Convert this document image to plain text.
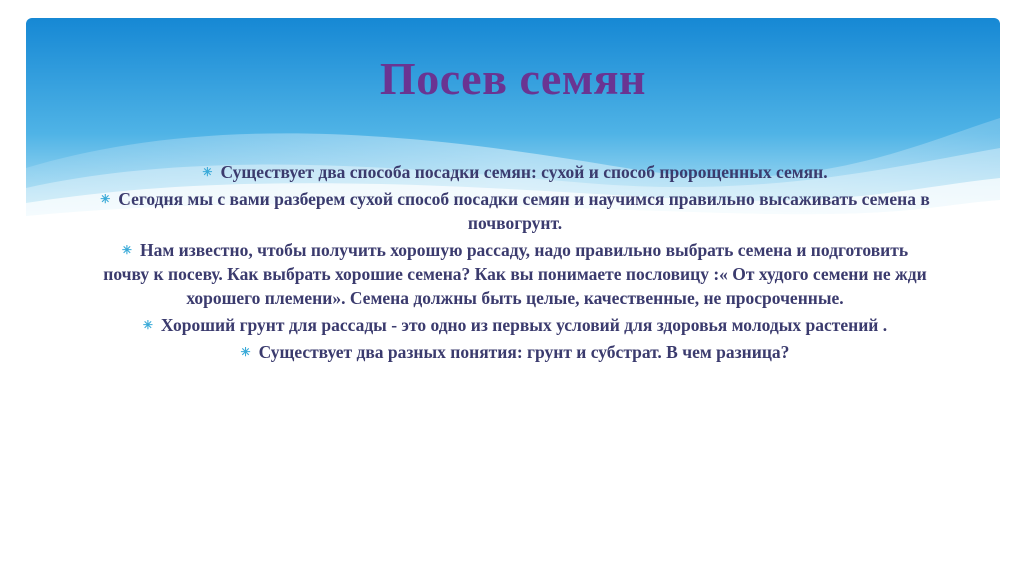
Посев семян
✳ Существует два способа посадки семян: сухой и способ пророщенных семян.
✳ Сегодня мы с вами разберем сухой способ посадки семян и научимся правильно высаживать семена в почвогрунт.
✳ Нам известно, чтобы получить хорошую рассаду, надо правильно выбрать семена и подготовить почву к посеву. Как выбрать хорошие семена? Как вы понимаете пословицу :« От худого семени не жди хорошего племени». Семена должны быть целые, качественные, не просроченные.
✳ Хороший грунт для рассады - это одно из первых условий для здоровья молодых растений .
✳ Существует два разных понятия: грунт и субстрат. В чем разница?
